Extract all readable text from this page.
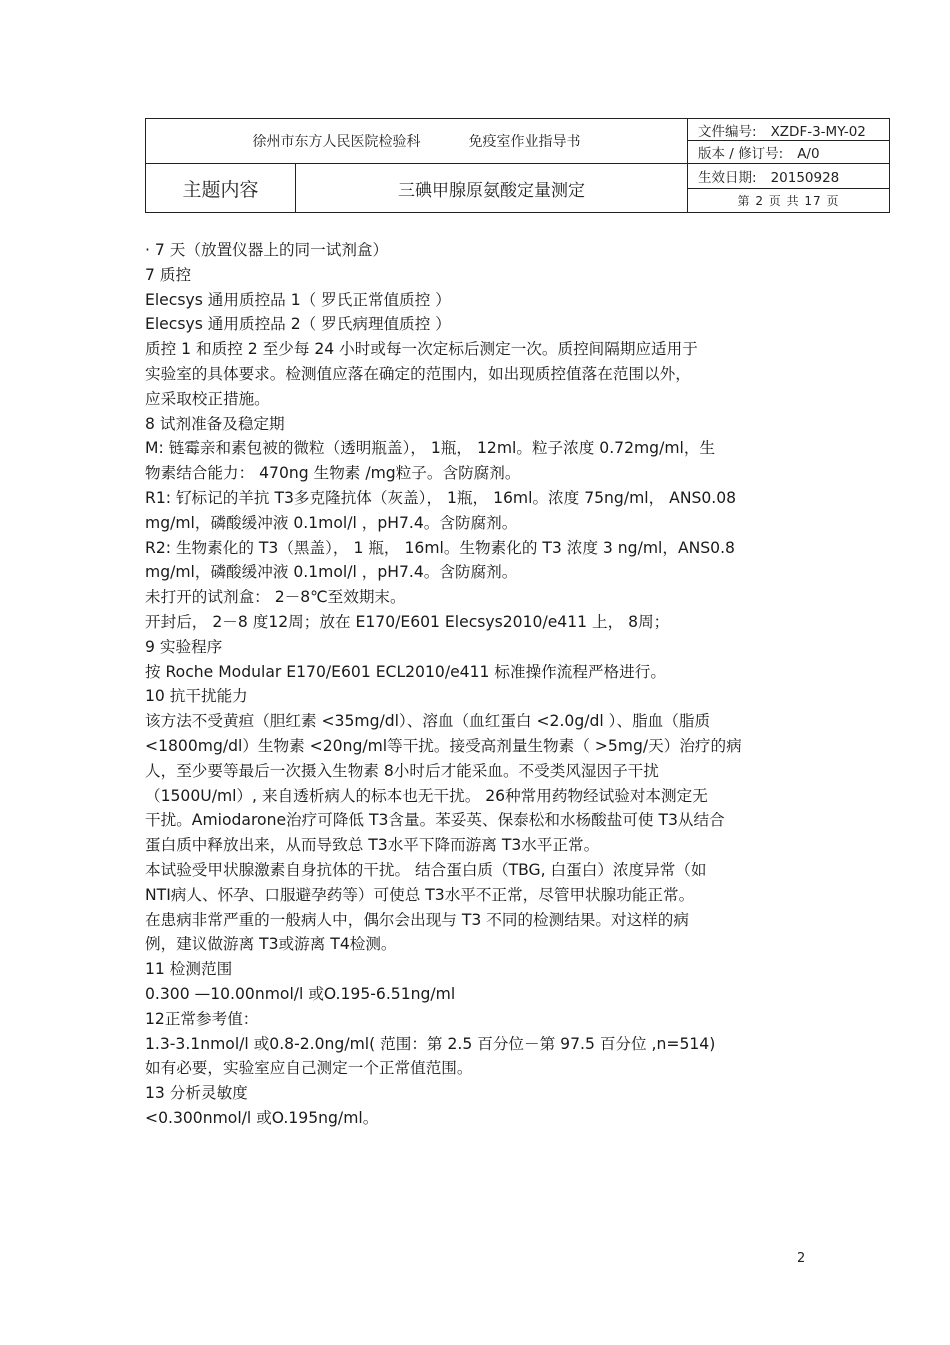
徐州市东方人民医院检验科 免疫室作业指导书		文件编号: XZDF-3-MY-02
		版本 / 修订号: A/0
主题内容	三碘甲腺原氨酸定量测定	生效日期: 20150928
		第 2 页 共 17 页

· 7 天（放置仪器上的同一试剂盒）

7 质控

Elecsys 通用质控品 1（ 罗氏正常值质控 ）

Elecsys 通用质控品 2（ 罗氏病理值质控 ）

质控 1 和质控 2 至少每 24 小时或每一次定标后测定一次。质控间隔期应适用于

实验室的具体要求。检测值应落在确定的范围内，如出现质控值落在范围以外，

应采取校正措施。

8 试剂准备及稳定期

M: 链霉亲和素包被的微粒（透明瓶盖）， 1瓶， 12ml。粒子浓度 0.72mg/ml，生

物素结合能力： 470ng 生物素 /mg粒子。含防腐剂。

R1: 钌标记的羊抗 T3多克隆抗体（灰盖）， 1瓶， 16ml。浓度 75ng/ml， ANS0.08

mg/ml，磷酸缓冲液 0.1mol/l ，pH7.4。含防腐剂。

R2: 生物素化的 T3（黑盖）， 1 瓶， 16ml。生物素化的 T3 浓度 3 ng/ml，ANS0.8

mg/ml，磷酸缓冲液 0.1mol/l ，pH7.4。含防腐剂。

未打开的试剂盒： 2－8℃至效期末。

开封后， 2－8 度12周；放在 E170/E601 Elecsys2010/e411 上， 8周；

9 实验程序

按 Roche Modular E170/E601 ECL2010/e411 标准操作流程严格进行。

10 抗干扰能力

该方法不受黄疸（胆红素 <35mg/dl）、溶血（血红蛋白 <2.0g/dl ）、脂血（脂质

<1800mg/dl）生物素 <20ng/ml等干扰。接受高剂量生物素（ >5mg/天）治疗的病

人，至少要等最后一次摄入生物素 8小时后才能采血。不受类风湿因子干扰

（1500U/ml）, 来自透析病人的标本也无干扰。 26种常用药物经试验对本测定无

干扰。Amiodarone治疗可降低 T3含量。苯妥英、保泰松和水杨酸盐可使 T3从结合

蛋白质中释放出来，从而导致总 T3水平下降而游离 T3水平正常。

本试验受甲状腺激素自身抗体的干扰。 结合蛋白质（TBG, 白蛋白）浓度异常（如

NTI病人、怀孕、口服避孕药等）可使总 T3水平不正常，尽管甲状腺功能正常。

在患病非常严重的一般病人中，偶尔会出现与 T3 不同的检测结果。对这样的病

例，建议做游离 T3或游离 T4检测。

11 检测范围

0.300 —10.00nmol/l 或O.195-6.51ng/ml

12正常参考值：

1.3-3.1nmol/l 或0.8-2.0ng/ml( 范围：第 2.5 百分位－第 97.5 百分位 ,n=514)

如有必要，实验室应自己测定一个正常值范围。

13 分析灵敏度

<0.300nmol/l 或O.195ng/ml。

2
